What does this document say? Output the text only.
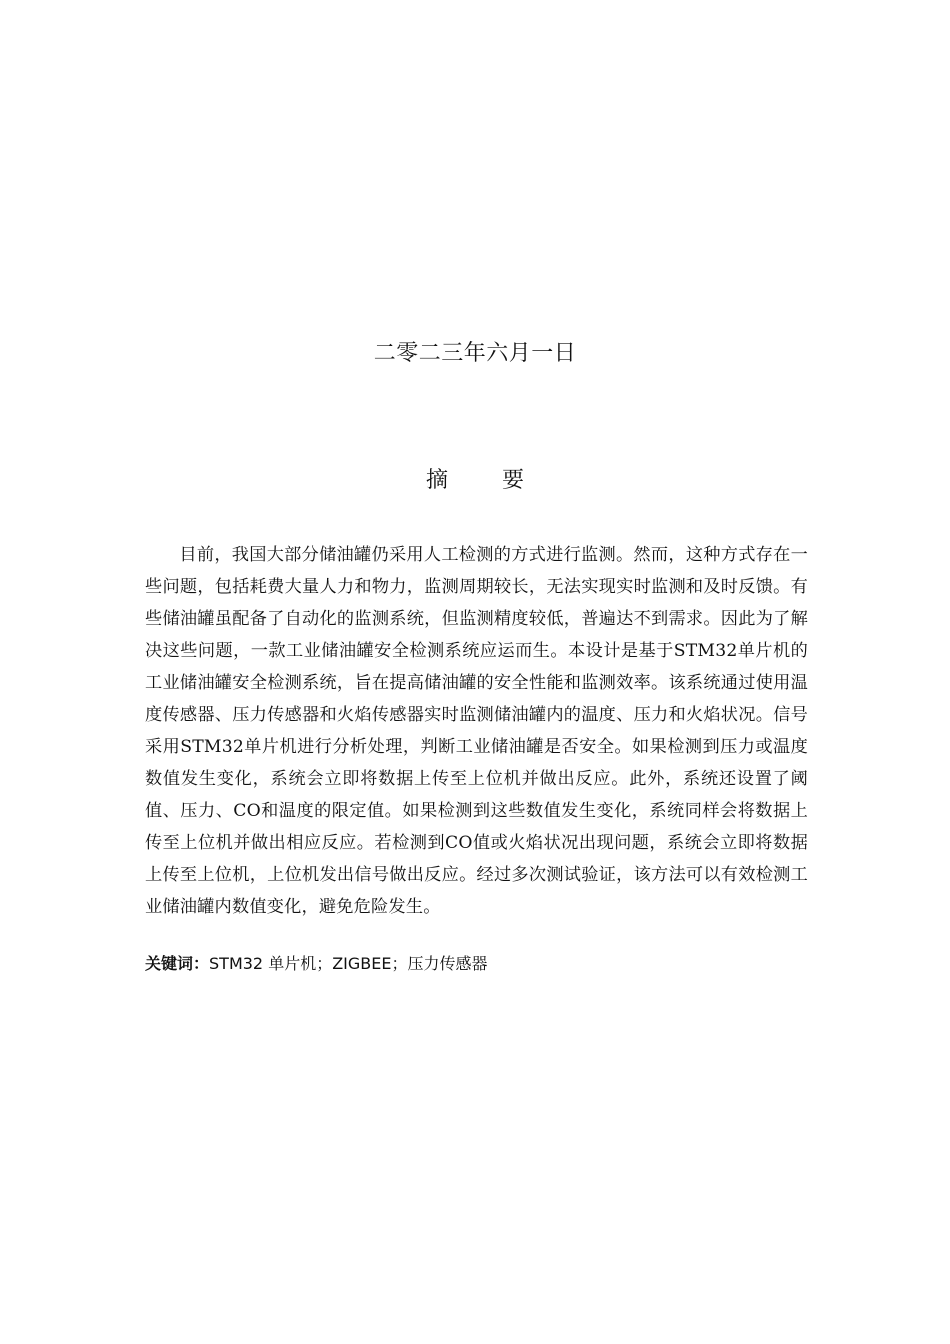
二零二三年六月一日
摘 要

目前，我国大部分储油罐仍采用人工检测的方式进行监测。然而，这种方式存在一些问题，包括耗费大量人力和物力，监测周期较长，无法实现实时监测和及时反馈。有些储油罐虽配备了自动化的监测系统，但监测精度较低，普遍达不到需求。因此为了解决这些问题，一款工业储油罐安全检测系统应运而生。本设计是基于STM32单片机的工业储油罐安全检测系统，旨在提高储油罐的安全性能和监测效率。该系统通过使用温度传感器、压力传感器和火焰传感器实时监测储油罐内的温度、压力和火焰状况。信号采用STM32单片机进行分析处理，判断工业储油罐是否安全。如果检测到压力或温度数值发生变化，系统会立即将数据上传至上位机并做出反应。此外，系统还设置了阈值、压力、CO和温度的限定值。如果检测到这些数值发生变化，系统同样会将数据上传至上位机并做出相应反应。若检测到CO值或火焰状况出现问题，系统会立即将数据上传至上位机，上位机发出信号做出反应。经过多次测试验证，该方法可以有效检测工业储油罐内数值变化，避免危险发生。

关键词：STM32 单片机；ZIGBEE；压力传感器
